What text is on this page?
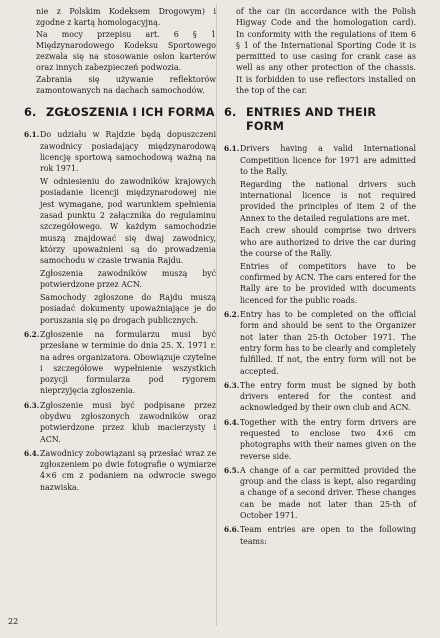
nie z Polskim Kodeksem Drogowym) i zgodne z kartą homologacyjną.

Na mocy przepisu art. 6 § 1 Międzynarodowego Kodeksu Sportowego zezwala się na stosowanie osłon karterów oraz innych zabezpieczeń podwozia.

Zabrania się używanie reflektorów zamontowanych na dachach samochodów.

6. ZGŁOSZENIA I ICH FORMA
6.1. Do udziału w Rajdzie będą dopuszczeni zawodnicy posiadający międzynarodową licencję sportową samochodową ważną na rok 1971.

W odniesieniu do zawodników krajowych posiadanie licencji międzynarodowej nie jest wymagane, pod warunkiem spełnienia zasad punktu 2 załącznika do regulaminu szczegółowego. W każdym samochodzie muszą znajdować się dwaj zawodnicy, którzy upoważnieni są do prowadzenia samochodu w czasie trwania Rajdu.

Zgłoszenia zawodników muszą być potwierdzone przez ACN.

Samochody zgłoszone do Rajdu muszą posiadać dokumenty upoważniające je do poruszania się po drogach publicznych.

6.2. Zgłoszenie na formularzu musi być przesłane w terminie do dnia 25. X. 1971 r. na adres organizatora. Obowiązuje czytelne i szczegółowe wypełnienie wszystkich pozycji formularza pod rygorem nieprzyjęcia zgłoszenia.

6.3. Zgłoszenie musi być podpisane przez obydwu zgłoszonych zawodników oraz potwierdzone przez klub macierzysty i ACN.

6.4. Zawodnicy zobowiązani są przesłać wraz ze zgłoszeniem po dwie fotografie o wymiarze 4×6 cm z podaniem na odwrocie swego nazwiska.

of the car (in accordance with the Polish Higway Code and the homologation card). In conformity with the regulations of item 6 § 1 of the International Sporting Code it is permitted to use casing for crank case as well as any other protection of the chassis. It is forbidden to use reflectors installed on the top of the car.

6. ENTRIES AND THEIR FORM
6.1. Drivers having a valid International Competition licence for 1971 are admitted to the Rally.

Regarding the national drivers such international licence is not required provided the principles of item 2 of the Annex to the detailed regulations are met.

Each crew should comprise two drivers who are authorized to drive the car during the course of the Rally.

Entries of competitors have to be confirmed by ACN. The cars entered for the Rally are to be provided with documents licenced for the public roads.

6.2. Entry has to be completed on the official form and should be sent to the Organizer not later than 25-th October 1971. The entry form has to be clearly and completely fulfilled. If not, the entry form will not be accepted.

6.3. The entry form must be signed by both drivers entered for the contest and acknowledged by their own club and ACN.

6.4. Together with the entry form drivers are requested to enclose two 4×6 cm photographs with their names given on the reverse side.

6.5. A change of a car permitted provided the group and the class is kept, also regarding a change of a second driver. These changes can be made not later than 25-th of October 1971.

6.6. Team entries are open to the following teams:

22
